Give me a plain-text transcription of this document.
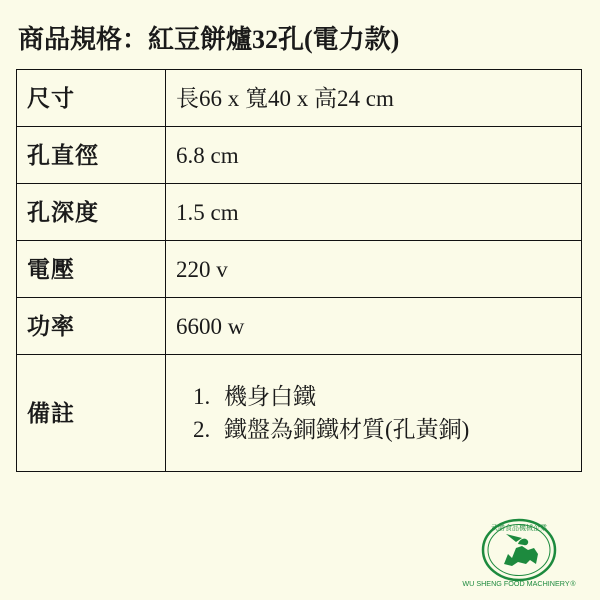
商品規格：紅豆餅爐32孔(電力款)
尺寸	長66 x 寬40 x 高24 cm
孔直徑	6.8 cm
孔深度	1.5 cm
電壓	220 v
功率	6600 w
備註	
1. 機身白鐵
2. 鐵盤為銅鐵材質(孔黃銅)
武勝食品機械企業
WU SHENG FOOD MACHINERY ®
